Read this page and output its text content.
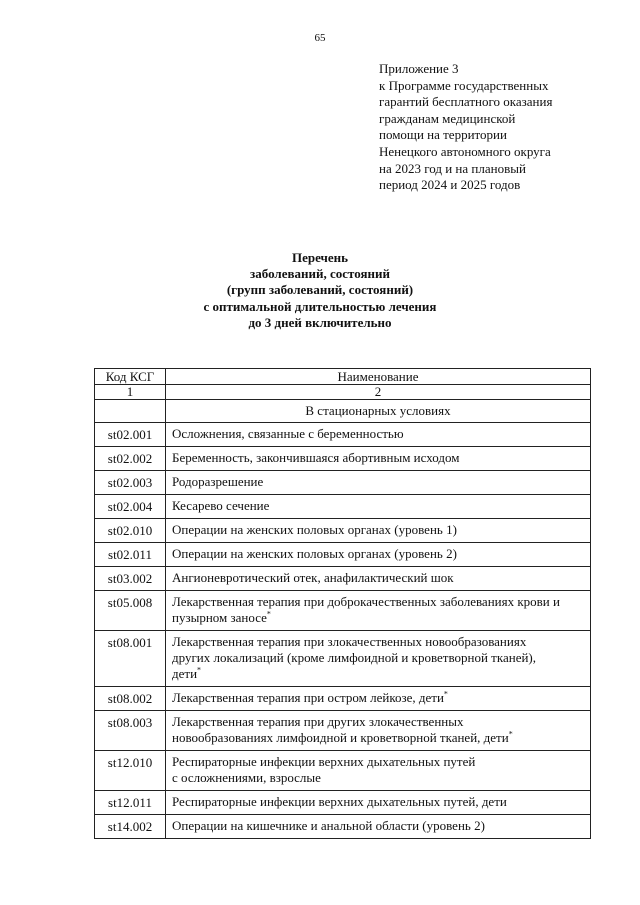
65
Приложение 3
к Программе государственных
гарантий бесплатного оказания
гражданам медицинской
помощи на территории
Ненецкого автономного округа
на 2023 год и на плановый
период 2024 и 2025 годов
Перечень
заболеваний, состояний
(групп заболеваний, состояний)
с оптимальной длительностью лечения
до 3 дней включительно
Код КСГ	Наименование
1	2
	В стационарных условиях
st02.001	Осложнения, связанные с беременностью

st02.002	Беременность, закончившаяся абортивным исходом

st02.003	Родоразрешение

st02.004	Кесарево сечение

st02.010	Операции на женских половых органах (уровень 1)

st02.011	Операции на женских половых органах (уровень 2)

st03.002	Ангионевротический отек, анафилактический шок

st05.008	Лекарственная терапия при доброкачественных заболеваниях крови и
пузырном заносе*

st08.001	Лекарственная терапия при злокачественных новообразованиях
других локализаций (кроме лимфоидной и кроветворной тканей),
дети*

st08.002	Лекарственная терапия при остром лейкозе, дети*

st08.003	Лекарственная терапия при других злокачественных
новообразованиях лимфоидной и кроветворной тканей, дети*

st12.010	Респираторные инфекции верхних дыхательных путей
с осложнениями, взрослые

st12.011	Респираторные инфекции верхних дыхательных путей, дети

st14.002	Операции на кишечнике и анальной области (уровень 2)
